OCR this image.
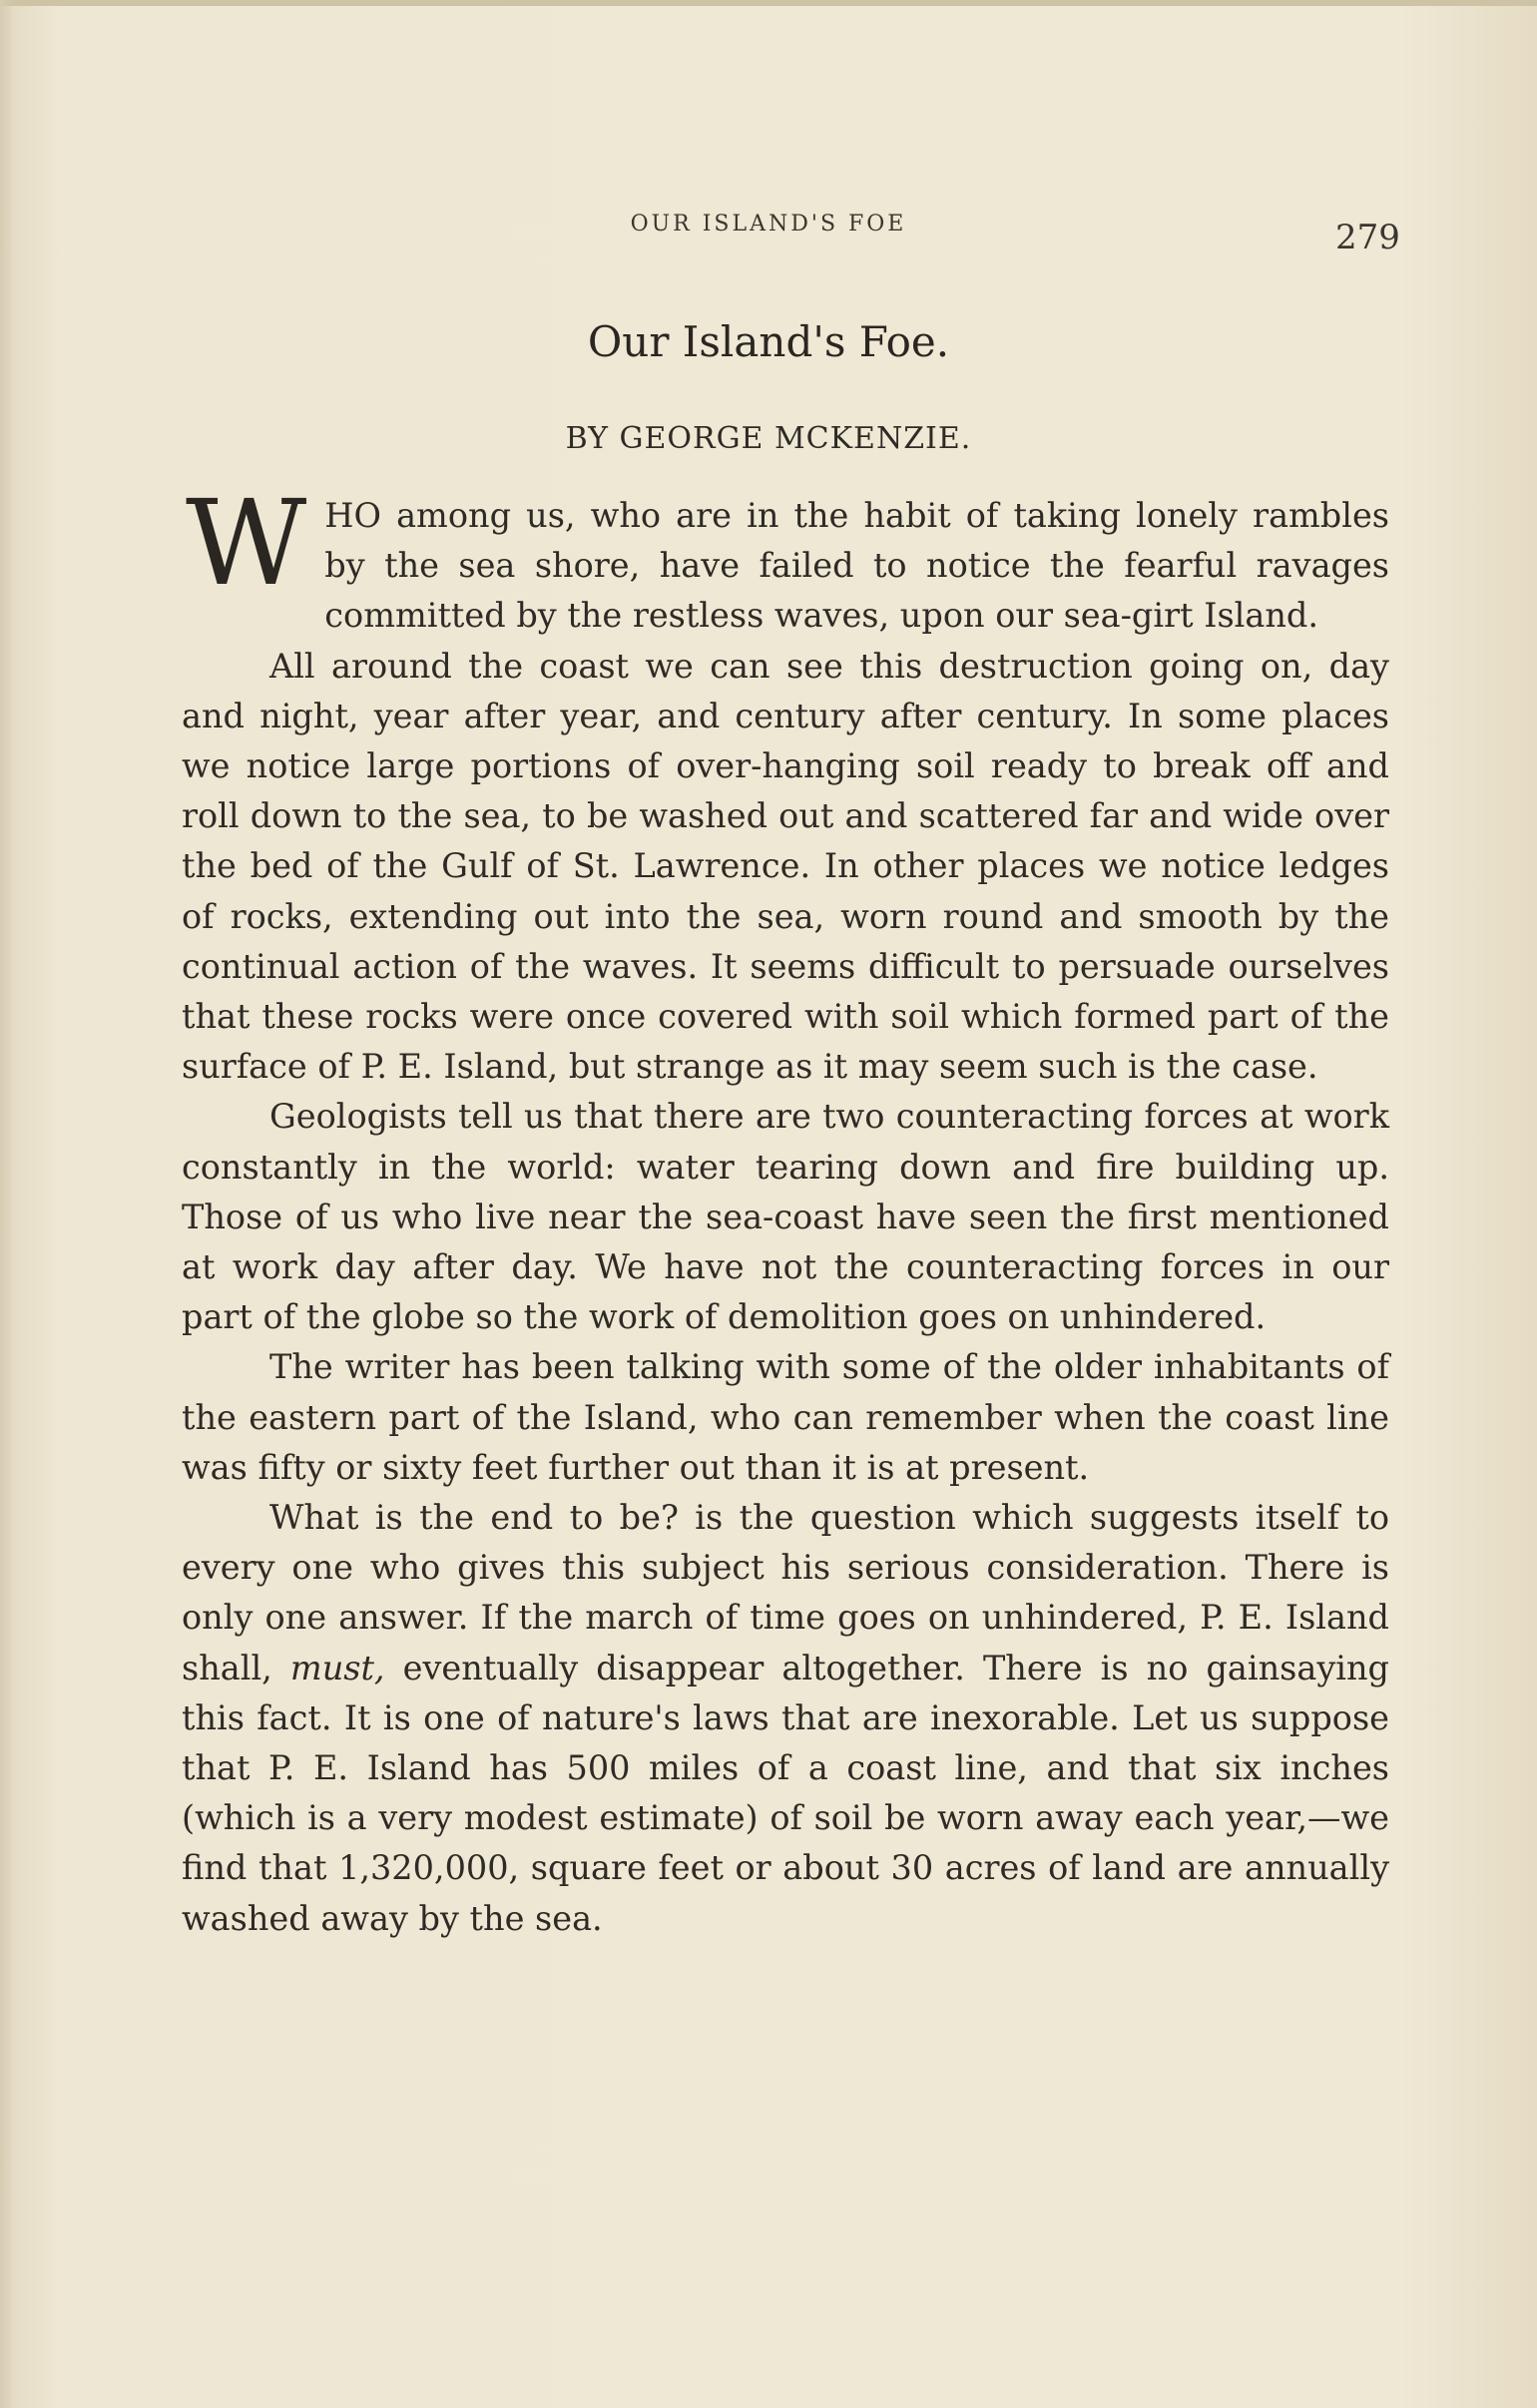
OUR ISLAND'S FOE	279
Our Island's Foe.
BY GEORGE MCKENZIE.

WHO among us, who are in the habit of taking lonely rambles by the sea shore, have failed to notice the fearful ravages committed by the restless waves, upon our sea-girt Island.

All around the coast we can see this destruction going on, day and night, year after year, and century after century. In some places we notice large portions of over-hanging soil ready to break off and roll down to the sea, to be washed out and scattered far and wide over the bed of the Gulf of St. Lawrence. In other places we notice ledges of rocks, extending out into the sea, worn round and smooth by the continual action of the waves. It seems difficult to persuade ourselves that these rocks were once covered with soil which formed part of the surface of P. E. Island, but strange as it may seem such is the case.

Geologists tell us that there are two counteracting forces at work constantly in the world: water tearing down and fire building up. Those of us who live near the sea-coast have seen the first mentioned at work day after day. We have not the counteracting forces in our part of the globe so the work of demolition goes on unhindered.

The writer has been talking with some of the older inhabitants of the eastern part of the Island, who can remember when the coast line was fifty or sixty feet further out than it is at present.

What is the end to be? is the question which suggests itself to every one who gives this subject his serious consideration. There is only one answer. If the march of time goes on unhindered, P. E. Island shall, must, eventually disappear altogether. There is no gainsaying this fact. It is one of nature's laws that are inexorable. Let us suppose that P. E. Island has 500 miles of a coast line, and that six inches (which is a very modest estimate) of soil be worn away each year,—we find that 1,320,000, square feet or about 30 acres of land are annually washed away by the sea.
